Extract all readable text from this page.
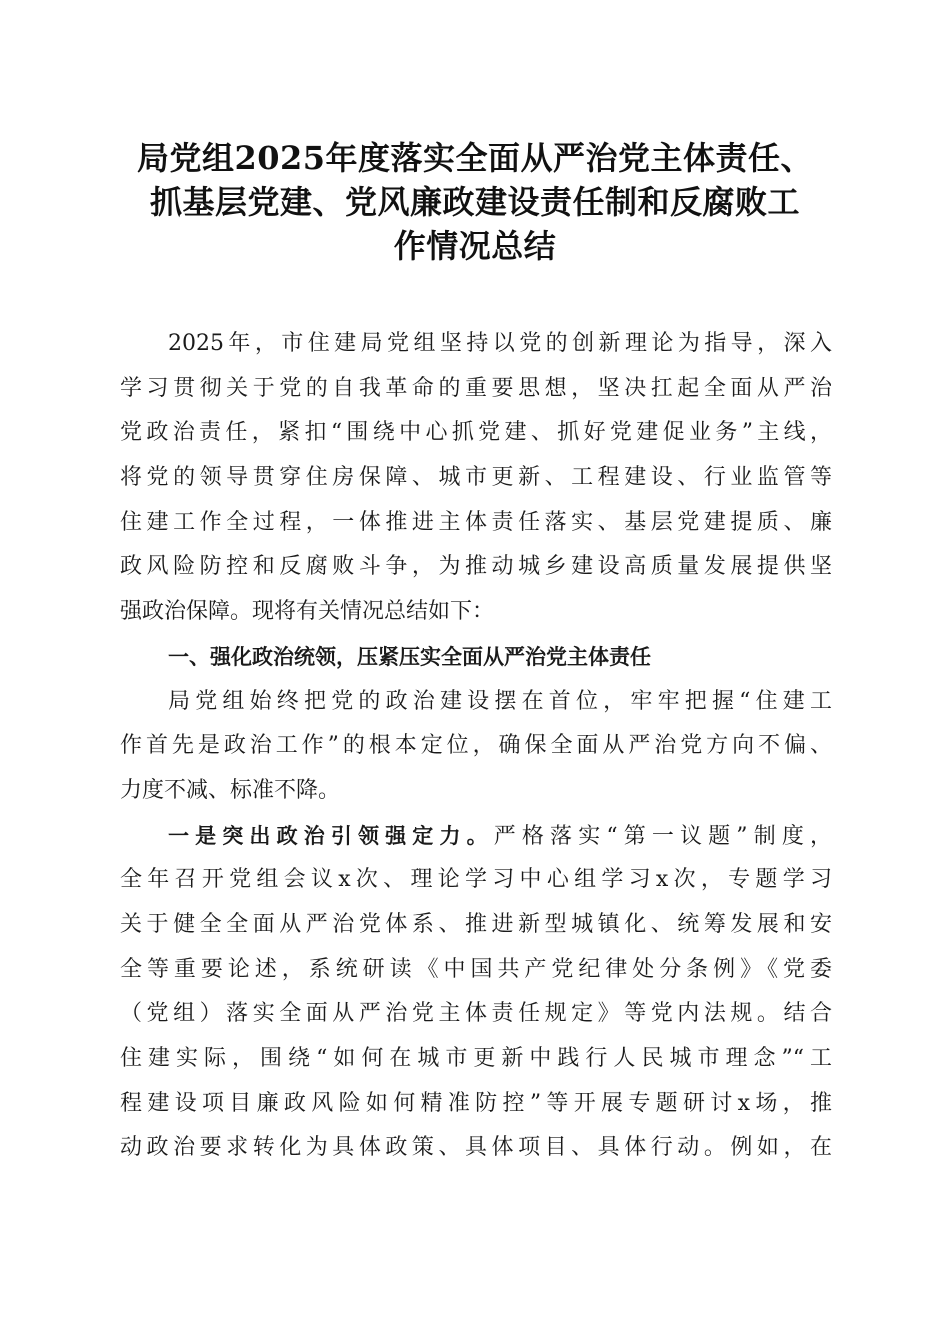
局党组2025年度落实全面从严治党主体责任、
抓基层党建、党风廉政建设责任制和反腐败工
作情况总结
2025年，市住建局党组坚持以党的创新理论为指导，深入
学习贯彻关于党的自我革命的重要思想，坚决扛起全面从严治
党政治责任，紧扣“围绕中心抓党建、抓好党建促业务”主线，
将党的领导贯穿住房保障、城市更新、工程建设、行业监管等
住建工作全过程，一体推进主体责任落实、基层党建提质、廉
政风险防控和反腐败斗争，为推动城乡建设高质量发展提供坚
强政治保障。现将有关情况总结如下：
一、强化政治统领，压紧压实全面从严治党主体责任
局党组始终把党的政治建设摆在首位，牢牢把握“住建工
作首先是政治工作”的根本定位，确保全面从严治党方向不偏、
力度不减、标准不降。
一是突出政治引领强定力。严格落实“第一议题”制度，
全年召开党组会议x次、理论学习中心组学习x次，专题学习
关于健全全面从严治党体系、推进新型城镇化、统筹发展和安
全等重要论述，系统研读《中国共产党纪律处分条例》《党委
（党组）落实全面从严治党主体责任规定》等党内法规。结合
住建实际，围绕“如何在城市更新中践行人民城市理念”“工
程建设项目廉政风险如何精准防控”等开展专题研讨x场，推
动政治要求转化为具体政策、具体项目、具体行动。例如，在
